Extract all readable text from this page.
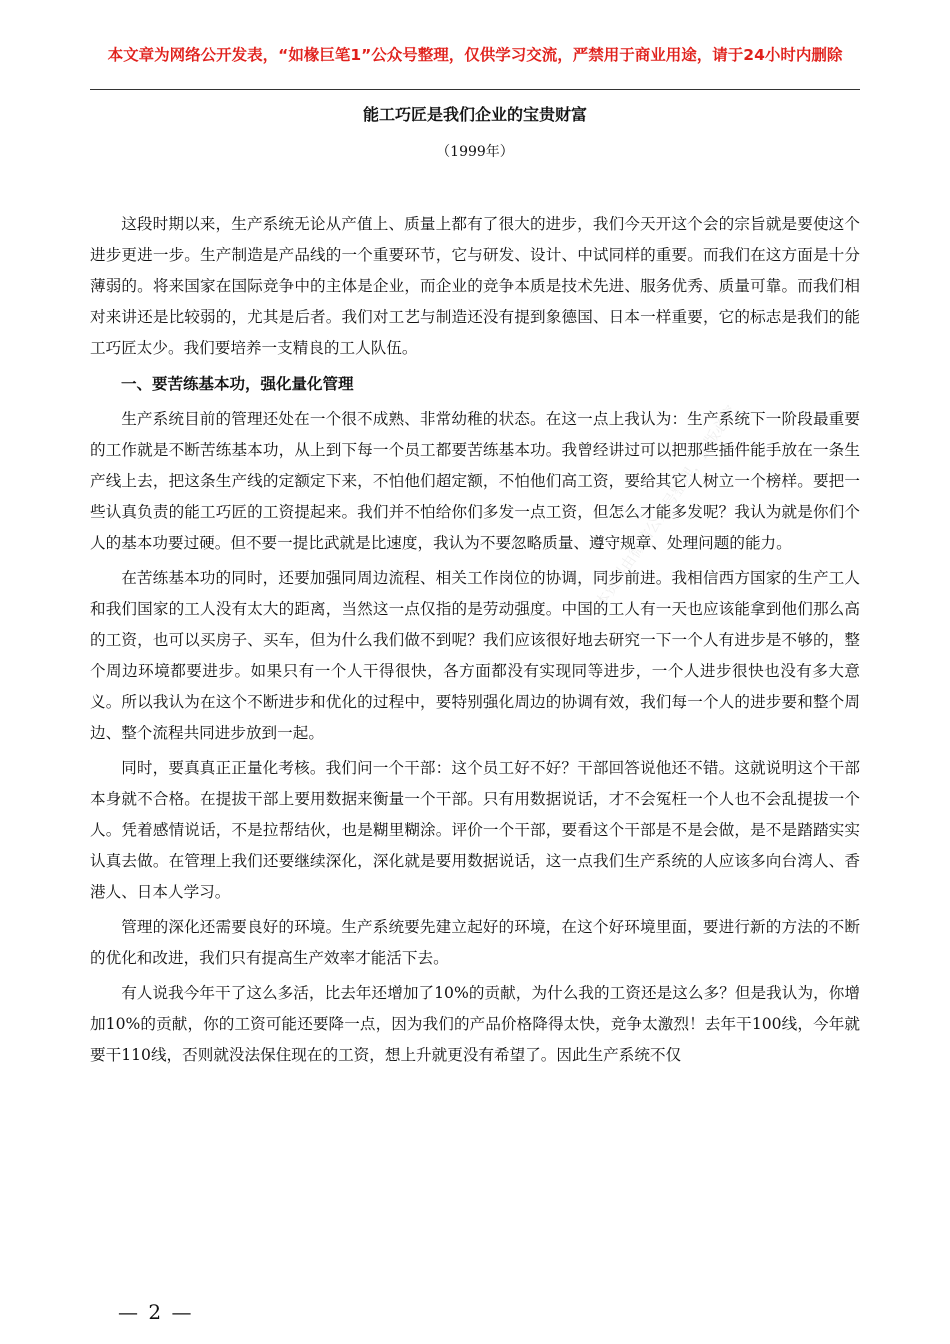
本文章为网络公开发表，“如椽巨笔1”公众号整理，仅供学习交流，严禁用于商业用途，请于24小时内删除
能工巧匠是我们企业的宝贵财富
（1999年）

这段时期以来，生产系统无论从产值上、质量上都有了很大的进步，我们今天开这个会的宗旨就是要使这个进步更进一步。生产制造是产品线的一个重要环节，它与研发、设计、中试同样的重要。而我们在这方面是十分薄弱的。将来国家在国际竞争中的主体是企业，而企业的竞争本质是技术先进、服务优秀、质量可靠。而我们相对来讲还是比较弱的，尤其是后者。我们对工艺与制造还没有提到象德国、日本一样重要，它的标志是我们的能工巧匠太少。我们要培养一支精良的工人队伍。

一、要苦练基本功，强化量化管理

生产系统目前的管理还处在一个很不成熟、非常幼稚的状态。在这一点上我认为：生产系统下一阶段最重要的工作就是不断苦练基本功，从上到下每一个员工都要苦练基本功。我曾经讲过可以把那些插件能手放在一条生产线上去，把这条生产线的定额定下来，不怕他们超定额，不怕他们高工资，要给其它人树立一个榜样。要把一些认真负责的能工巧匠的工资提起来。我们并不怕给你们多发一点工资，但怎么才能多发呢？我认为就是你们个人的基本功要过硬。但不要一提比武就是比速度，我认为不要忽略质量、遵守规章、处理问题的能力。

在苦练基本功的同时，还要加强同周边流程、相关工作岗位的协调，同步前进。我相信西方国家的生产工人和我们国家的工人没有太大的距离，当然这一点仅指的是劳动强度。中国的工人有一天也应该能拿到他们那么高的工资，也可以买房子、买车，但为什么我们做不到呢？我们应该很好地去研究一下一个人有进步是不够的，整个周边环境都要进步。如果只有一个人干得很快，各方面都没有实现同等进步，一个人进步很快也没有多大意义。所以我认为在这个不断进步和优化的过程中，要特别强化周边的协调有效，我们每一个人的进步要和整个周边、整个流程共同进步放到一起。

同时，要真真正正量化考核。我们问一个干部：这个员工好不好？干部回答说他还不错。这就说明这个干部本身就不合格。在提拔干部上要用数据来衡量一个干部。只有用数据说话，才不会冤枉一个人也不会乱提拔一个人。凭着感情说话，不是拉帮结伙，也是糊里糊涂。评价一个干部，要看这个干部是不是会做，是不是踏踏实实认真去做。在管理上我们还要继续深化，深化就是要用数据说话，这一点我们生产系统的人应该多向台湾人、香港人、日本人学习。

管理的深化还需要良好的环境。生产系统要先建立起好的环境，在这个好环境里面，要进行新的方法的不断的优化和改进，我们只有提高生产效率才能活下去。

有人说我今年干了这么多活，比去年还增加了10%的贡献，为什么我的工资还是这么多？但是我认为，你增加10%的贡献，你的工资可能还要降一点，因为我们的产品价格降得太快，竞争太激烈！去年干100线，今年就要干110线，否则就没法保住现在的工资，想上升就更没有希望了。因此生产系统不仅

本资料由微信公众号整理，盗版必究
— 2 —
